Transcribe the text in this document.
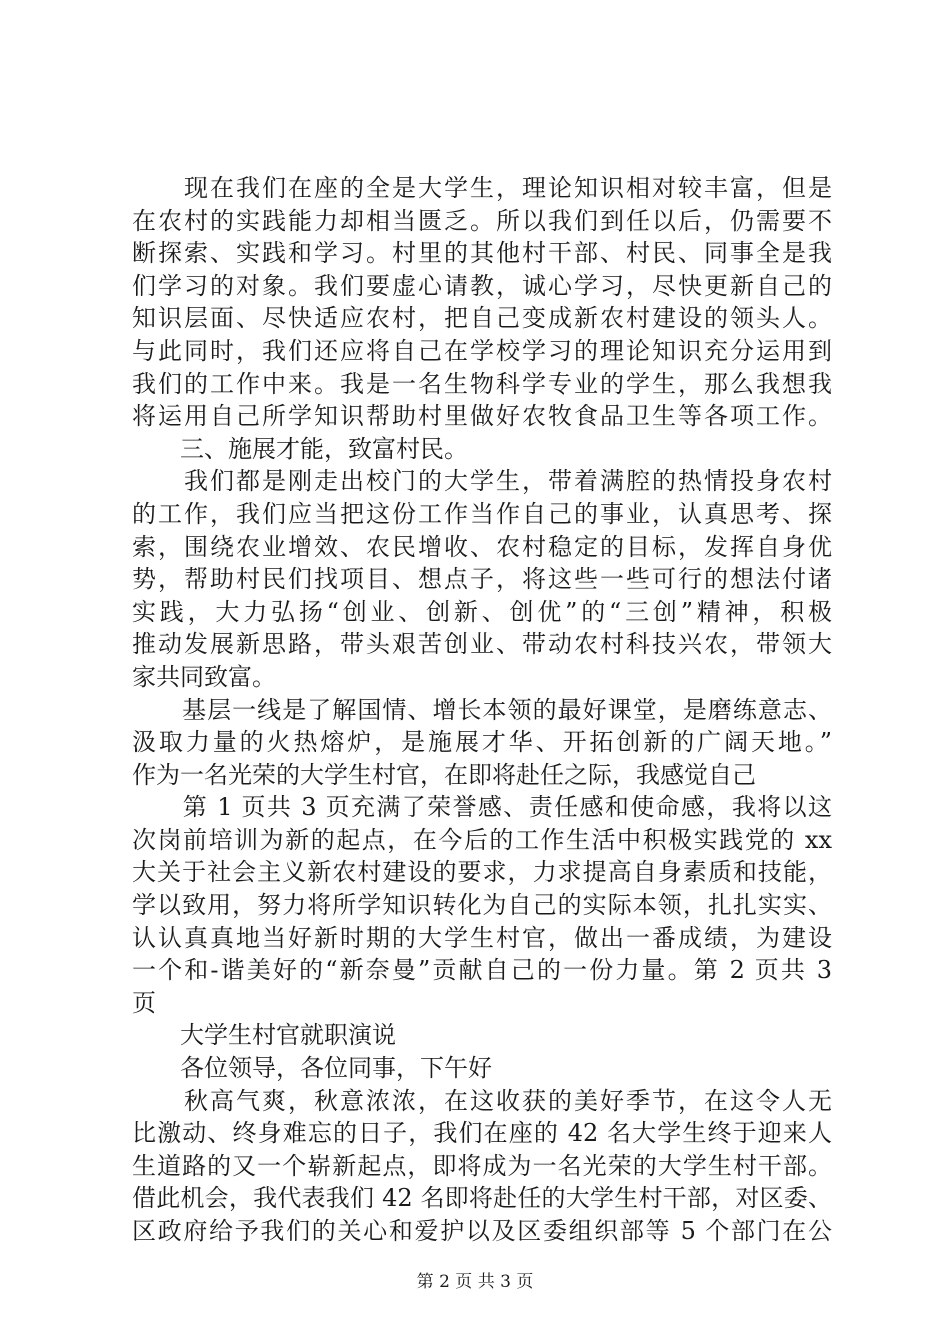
　　现在我们在座的全是大学生，理论知识相对较丰富，但是
在农村的实践能力却相当匮乏。所以我们到任以后，仍需要不
断探索、实践和学习。村里的其他村干部、村民、同事全是我
们学习的对象。我们要虚心请教，诚心学习，尽快更新自己的
知识层面、尽快适应农村，把自己变成新农村建设的领头人。
与此同时，我们还应将自己在学校学习的理论知识充分运用到
我们的工作中来。我是一名生物科学专业的学生，那么我想我
将运用自己所学知识帮助村里做好农牧食品卫生等各项工作。
　　三、施展才能，致富村民。
　　我们都是刚走出校门的大学生，带着满腔的热情投身农村
的工作，我们应当把这份工作当作自己的事业，认真思考、探
索，围绕农业增效、农民增收、农村稳定的目标，发挥自身优
势，帮助村民们找项目、想点子，将这些一些可行的想法付诸
实践，大力弘扬“创业、创新、创优”的“三创”精神，积极
推动发展新思路，带头艰苦创业、带动农村科技兴农，带领大
家共同致富。
　　基层一线是了解国情、增长本领的最好课堂，是磨练意志、
汲取力量的火热熔炉，是施展才华、开拓创新的广阔天地。”
作为一名光荣的大学生村官，在即将赴任之际，我感觉自己
　　第 1 页共 3 页充满了荣誉感、责任感和使命感，我将以这
次岗前培训为新的起点，在今后的工作生活中积极实践党的 xx
大关于社会主义新农村建设的要求，力求提高自身素质和技能，
学以致用，努力将所学知识转化为自己的实际本领，扎扎实实、
认认真真地当好新时期的大学生村官，做出一番成绩，为建设
一个和-谐美好的“新奈曼”贡献自己的一份力量。第 2 页共 3
页
　　大学生村官就职演说
　　各位领导，各位同事，下午好
　　秋高气爽，秋意浓浓，在这收获的美好季节，在这令人无
比激动、终身难忘的日子，我们在座的 42 名大学生终于迎来人
生道路的又一个崭新起点，即将成为一名光荣的大学生村干部。
借此机会，我代表我们 42 名即将赴任的大学生村干部，对区委、
区政府给予我们的关心和爱护以及区委组织部等 5 个部门在公
第 2 页 共 3 页
